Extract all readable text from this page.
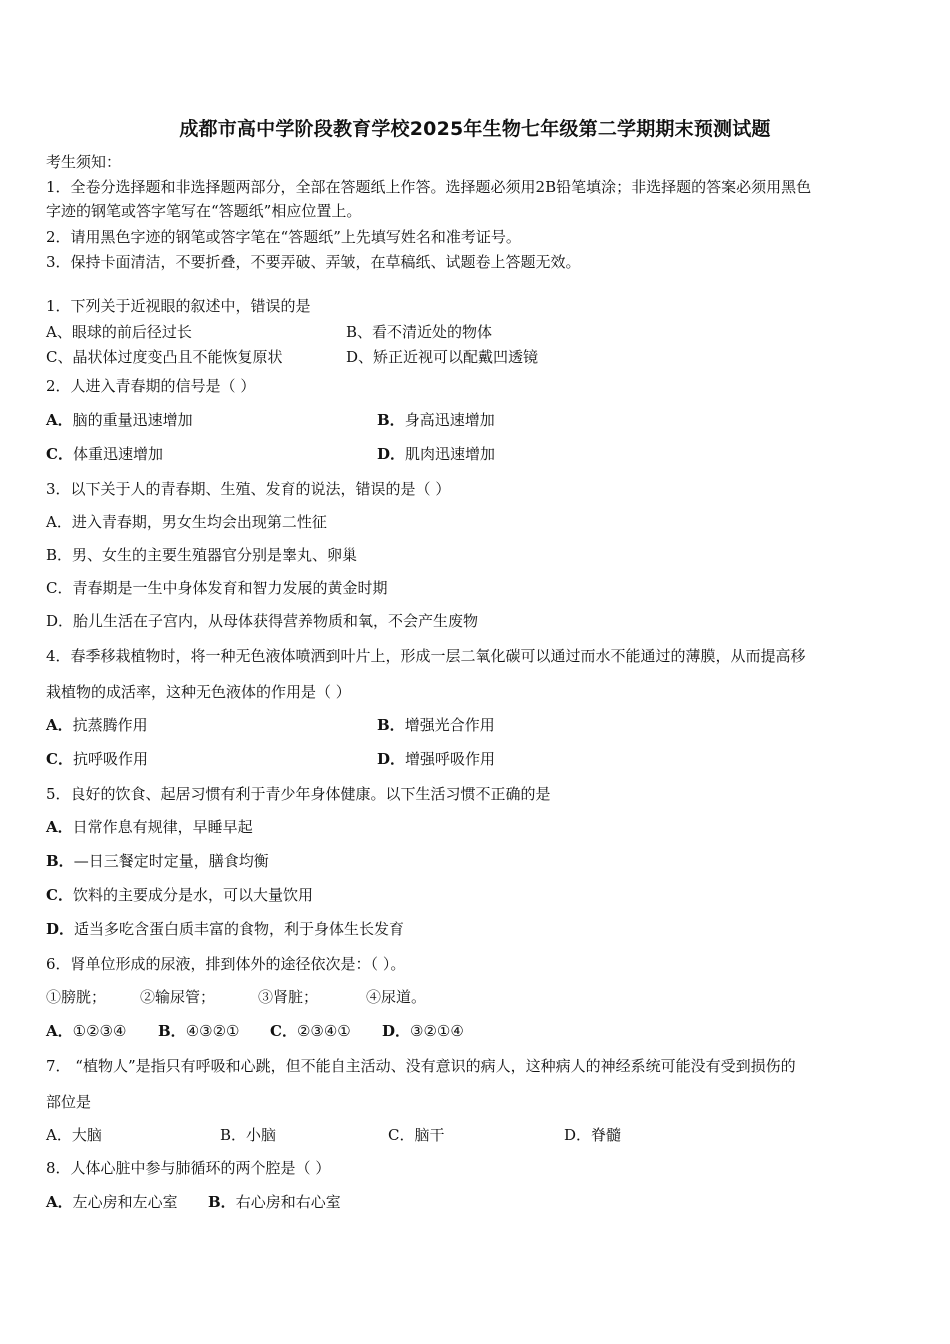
成都市高中学阶段教育学校2025年生物七年级第二学期期末预测试题
考生须知：
1．全卷分选择题和非选择题两部分，全部在答题纸上作答。选择题必须用2B铅笔填涂；非选择题的答案必须用黑色
字迹的钢笔或答字笔写在“答题纸”相应位置上。
2．请用黑色字迹的钢笔或答字笔在“答题纸”上先填写姓名和准考证号。
3．保持卡面清洁，不要折叠，不要弄破、弄皱，在草稿纸、试题卷上答题无效。
1．下列关于近视眼的叙述中，错误的是
A、眼球的前后径过长	B、看不清近处的物体
C、晶状体过度变凸且不能恢复原状	D、矫正近视可以配戴凹透镜
2．人进入青春期的信号是（ ）
A．脑的重量迅速增加	B．身高迅速增加
C．体重迅速增加	D．肌肉迅速增加
3．以下关于人的青春期、生殖、发育的说法，错误的是（ ）
A．进入青春期，男女生均会出现第二性征
B．男、女生的主要生殖器官分别是睾丸、卵巢
C．青春期是一生中身体发育和智力发展的黄金时期
D．胎儿生活在子宫内，从母体获得营养物质和氧，不会产生废物
4．春季移栽植物时，将一种无色液体喷洒到叶片上，形成一层二氧化碳可以通过而水不能通过的薄膜，从而提高移
栽植物的成活率，这种无色液体的作用是（ ）
A．抗蒸腾作用	B．增强光合作用
C．抗呼吸作用	D．增强呼吸作用
5．良好的饮食、起居习惯有利于青少年身体健康。以下生活习惯不正确的是
A．日常作息有规律，早睡早起
B．—日三餐定时定量，膳食均衡
C．饮料的主要成分是水，可以大量饮用
D．适当多吃含蛋白质丰富的食物，利于身体生长发育
6．肾单位形成的尿液，排到体外的途径依次是：（ ）。
①膀胱； ②输尿管；	③肾脏；	④尿道。
A．①②③④ B．④③②① C．②③④① D．③②①④
7． “植物人”是指只有呼吸和心跳，但不能自主活动、没有意识的病人，这种病人的神经系统可能没有受到损伤的
部位是
A．大脑	B．小脑	C．脑干	D．脊髓
8．人体心脏中参与肺循环的两个腔是（ ）
A．左心房和左心室 B．右心房和右心室
